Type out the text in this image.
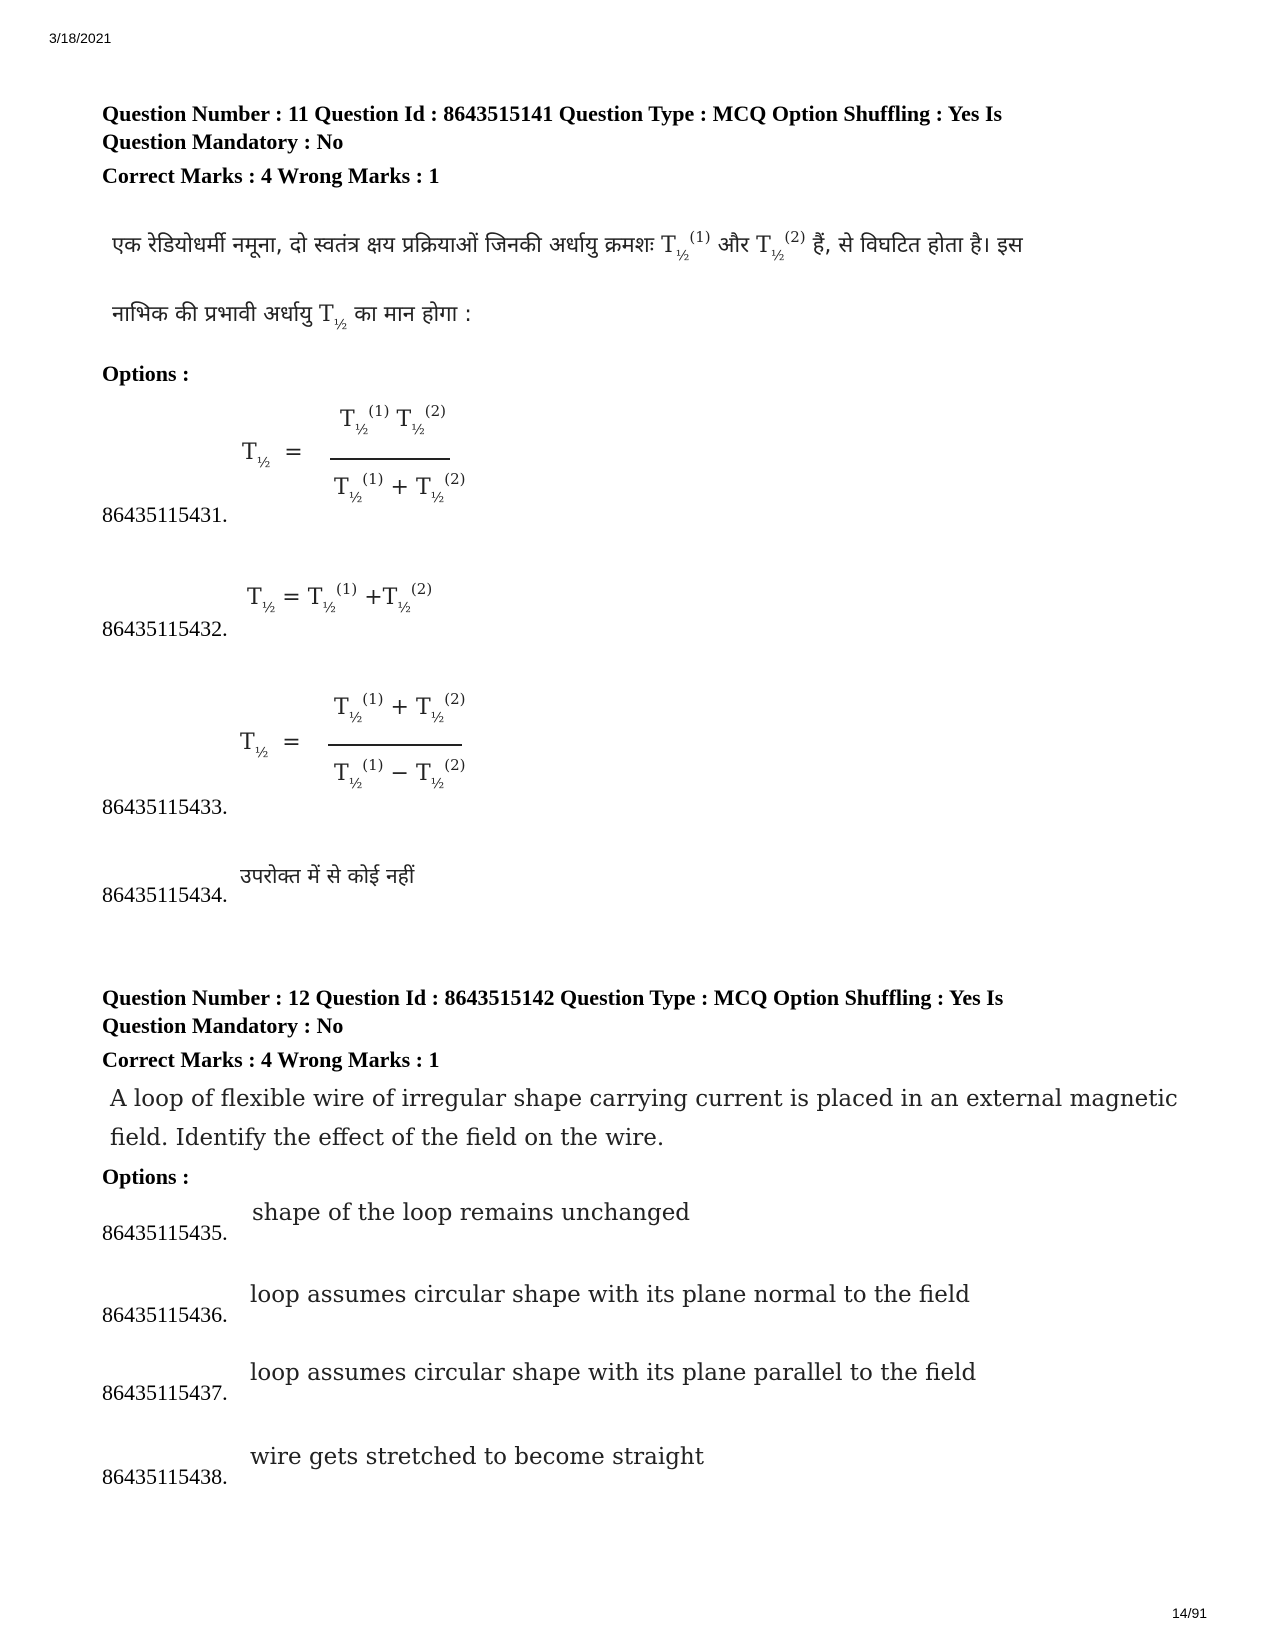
3/18/2021
Question Number : 11 Question Id : 8643515141 Question Type : MCQ Option Shuffling : Yes Is
Question Mandatory : No
Correct Marks : 4 Wrong Marks : 1
एक रेडियोधर्मी नमूना, दो स्वतंत्र क्षय प्रक्रियाओं जिनकी अर्धायु क्रमशः $T_{\frac{1}{2}}^{(1)}$ और $T_{\frac{1}{2}}^{(2)}$ हैं, से विघटित होता है। इस
नाभिक की प्रभावी अर्धायु $T_{\frac{1}{2}}$ का मान होगा :
Options :
86435115431.
$T_{\frac{1}{2}}$ =
$T_{\frac{1}{2}}^{(1)}$ $T_{\frac{1}{2}}^{(2)}$
$T_{\frac{1}{2}}^{(1)} + T_{\frac{1}{2}}^{(2)}$
86435115432.
$T_{\frac{1}{2}} = T_{\frac{1}{2}}^{(1)} +T_{\frac{1}{2}}^{(2)}$
86435115433.
$T_{\frac{1}{2}}$ =
$T_{\frac{1}{2}}^{(1)} + T_{\frac{1}{2}}^{(2)}$
$T_{\frac{1}{2}}^{(1)} - T_{\frac{1}{2}}^{(2)}$
86435115434.
उपरोक्त में से कोई नहीं
Question Number : 12 Question Id : 8643515142 Question Type : MCQ Option Shuffling : Yes Is
Question Mandatory : No
Correct Marks : 4 Wrong Marks : 1
A loop of flexible wire of irregular shape carrying current is placed in an external magnetic
field. Identify the effect of the field on the wire.
Options :
86435115435.
shape of the loop remains unchanged
86435115436.
loop assumes circular shape with its plane normal to the field
86435115437.
loop assumes circular shape with its plane parallel to the field
86435115438.
wire gets stretched to become straight
14/91
